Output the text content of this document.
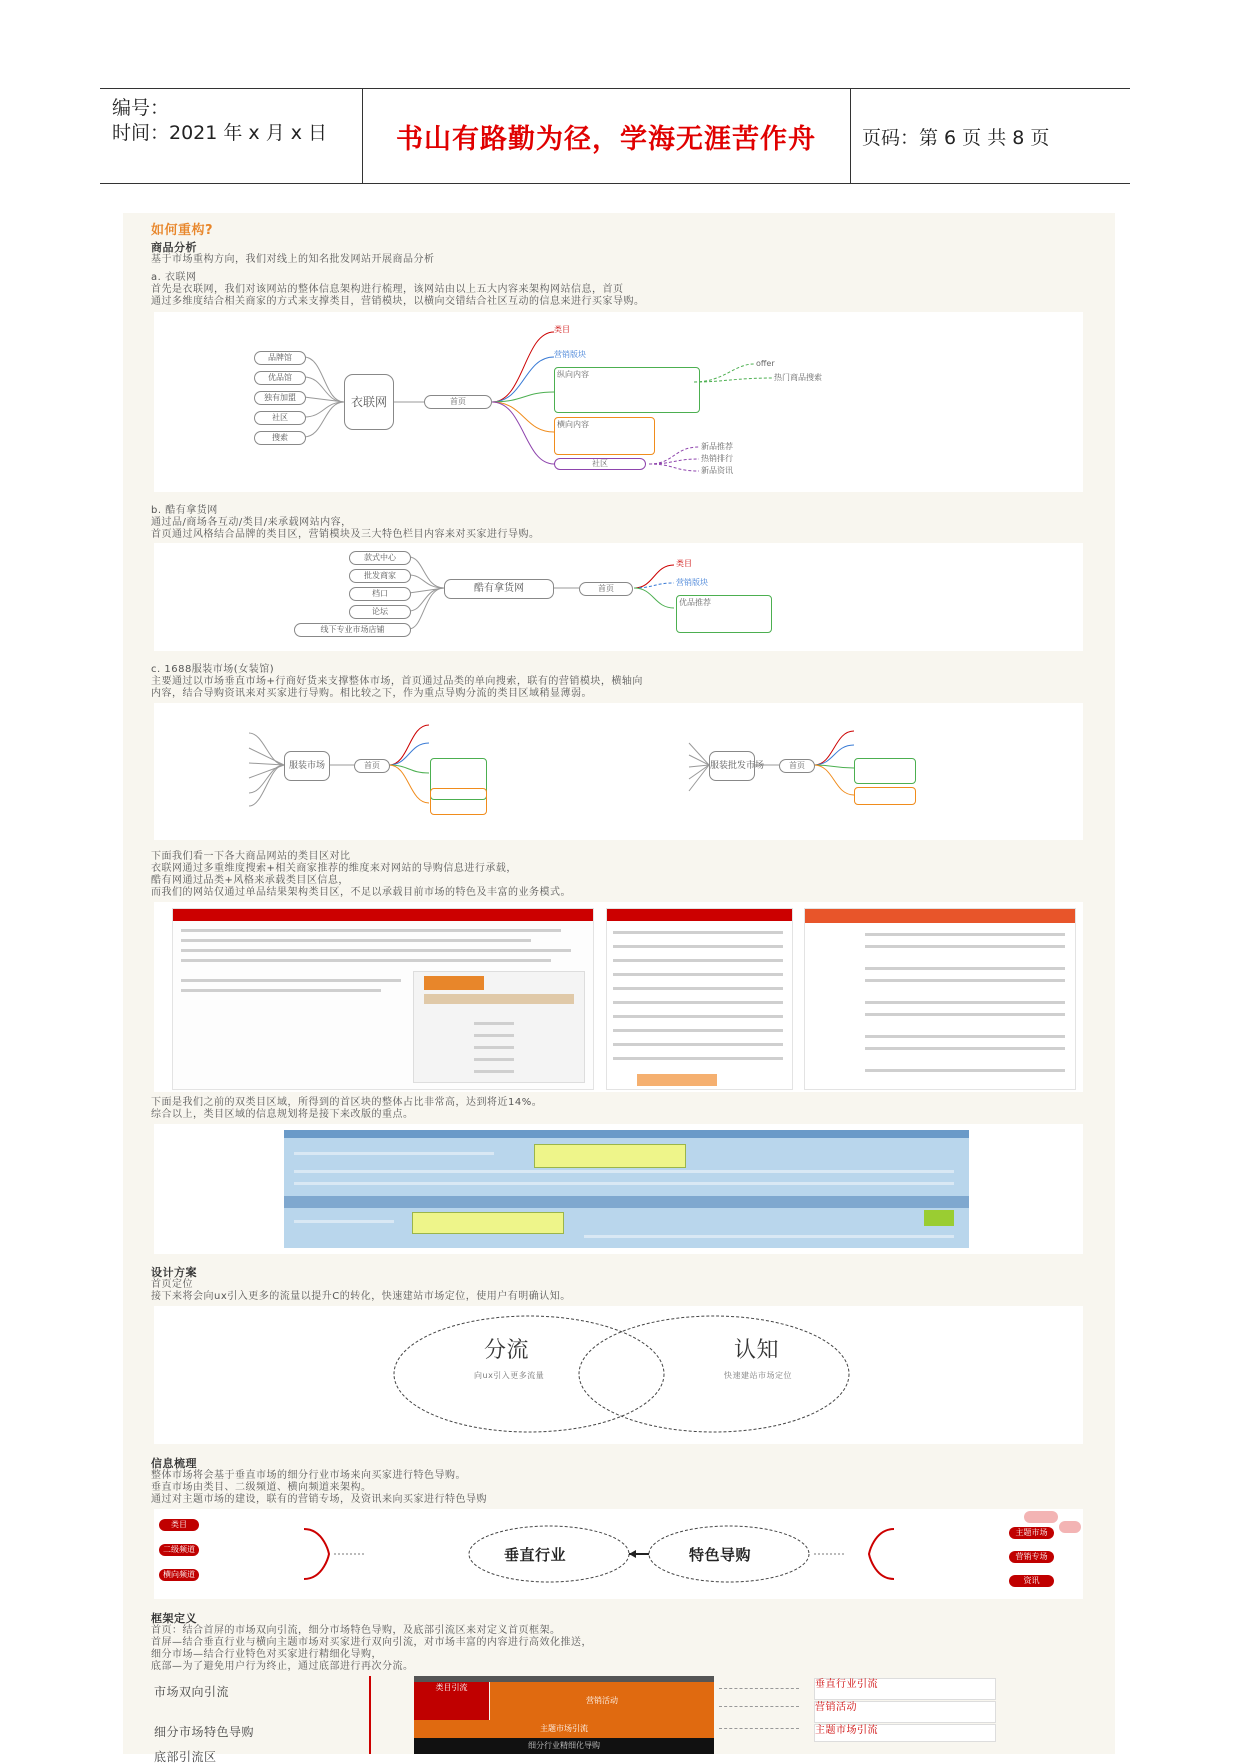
编号：
时间：2021 年 x 月 x 日	书山有路勤为径，学海无涯苦作舟 页码：第 6 页 共 8 页
如何重构?
商品分析
基于市场重构方向，我们对线上的知名批发网站开展商品分析
a. 衣联网
首先是衣联网，我们对该网站的整体信息架构进行梳理，该网站由以上五大内容来架构网站信息，首页
通过多维度结合相关商家的方式来支撑类目，营销模块，以横向交错结合社区互动的信息来进行买家导购。
品牌馆
优品馆
独有加盟
社区
搜索
衣联网	首页
类目
营销版块
纵向内容
横向内容
社区
offer
热门商品搜索
新品推荐
热销排行
新品资讯
b. 酷有拿货网
通过品/商场各互动/类目/来承载网站内容，
首页通过风格结合品牌的类目区，营销模块及三大特色栏目内容来对买家进行导购。
款式中心
批发商家
档口
论坛
线下专业市场店铺
酷有拿货网	首页
类目
营销版块
优品推荐
c. 1688服装市场(女装馆)
主要通过以市场垂直市场+行商好货来支撑整体市场，首页通过品类的单向搜索，联有的营销模块，横轴向
内容，结合导购资讯来对买家进行导购。相比较之下，作为重点导购分流的类目区域稍显薄弱。
服装市场	首页	服装批发市场	首页
下面我们看一下各大商品网站的类目区对比
衣联网通过多重维度搜索+相关商家推荐的维度来对网站的导购信息进行承载，
酷有网通过品类+风格来承载类目区信息，
而我们的网站仅通过单品结果架构类目区，不足以承载目前市场的特色及丰富的业务模式。
下面是我们之前的双类目区域，所得到的首区块的整体占比非常高，达到将近14%。
综合以上，类目区域的信息规划将是接下来改版的重点。
设计方案
首页定位
接下来将会向ux引入更多的流量以提升C的转化，快速建站市场定位，使用户有明确认知。
分流
向ux引入更多流量
认知
快速建站市场定位
信息梳理
整体市场将会基于垂直市场的细分行业市场来向买家进行特色导购。
垂直市场由类目、二级频道、横向频道来架构。
通过对主题市场的建设，联有的营销专场，及资讯来向买家进行特色导购
类目
二级频道
横向频道
垂直行业	特色导购
主题市场
营销专场
资讯
框架定义
首页：结合首屏的市场双向引流，细分市场特色导购，及底部引流区来对定义首页框架。
首屏—结合垂直行业与横向主题市场对买家进行双向引流，对市场丰富的内容进行高效化推送，
细分市场—结合行业特色对买家进行精细化导购，
底部—为了避免用户行为终止，通过底部进行再次分流。
市场双向引流
细分市场特色导购
底部引流区
类目引流
营销活动
主题市场引流
细分行业精细化导购
垂直行业引流
营销活动
主题市场引流
